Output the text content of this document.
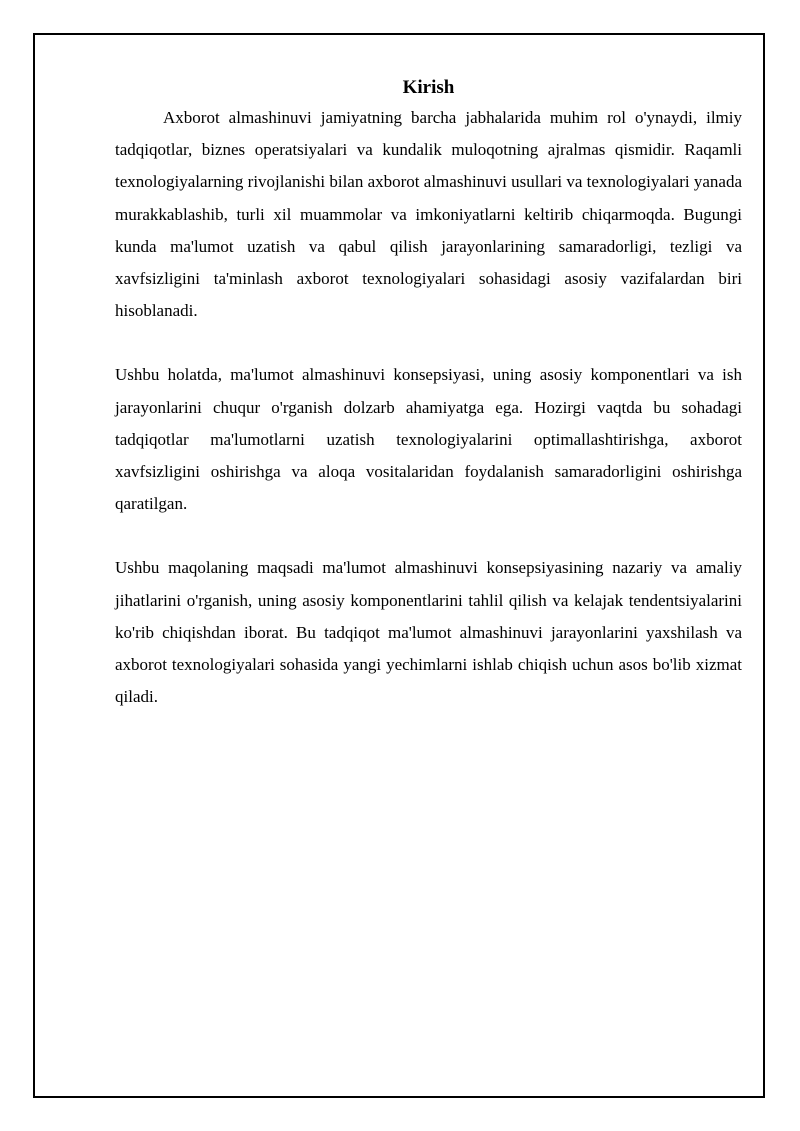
Kirish

Axborot almashinuvi jamiyatning barcha jabhalarida muhim rol o'ynaydi, ilmiy tadqiqotlar, biznes operatsiyalari va kundalik muloqotning ajralmas qismidir. Raqamli texnologiyalarning rivojlanishi bilan axborot almashinuvi usullari va texnologiyalari yanada murakkablashib, turli xil muammolar va imkoniyatlarni keltirib chiqarmoqda. Bugungi kunda ma'lumot uzatish va qabul qilish jarayonlarining samaradorligi, tezligi va xavfsizligini ta'minlash axborot texnologiyalari sohasidagi asosiy vazifalardan biri hisoblanadi.

Ushbu holatda, ma'lumot almashinuvi konsepsiyasi, uning asosiy komponentlari va ish jarayonlarini chuqur o'rganish dolzarb ahamiyatga ega. Hozirgi vaqtda bu sohadagi tadqiqotlar ma'lumotlarni uzatish texnologiyalarini optimallashtirishga, axborot xavfsizligini oshirishga va aloqa vositalaridan foydalanish samaradorligini oshirishga qaratilgan.

Ushbu maqolaning maqsadi ma'lumot almashinuvi konsepsiyasining nazariy va amaliy jihatlarini o'rganish, uning asosiy komponentlarini tahlil qilish va kelajak tendentsiyalarini ko'rib chiqishdan iborat. Bu tadqiqot ma'lumot almashinuvi jarayonlarini yaxshilash va axborot texnologiyalari sohasida yangi yechimlarni ishlab chiqish uchun asos bo'lib xizmat qiladi.
